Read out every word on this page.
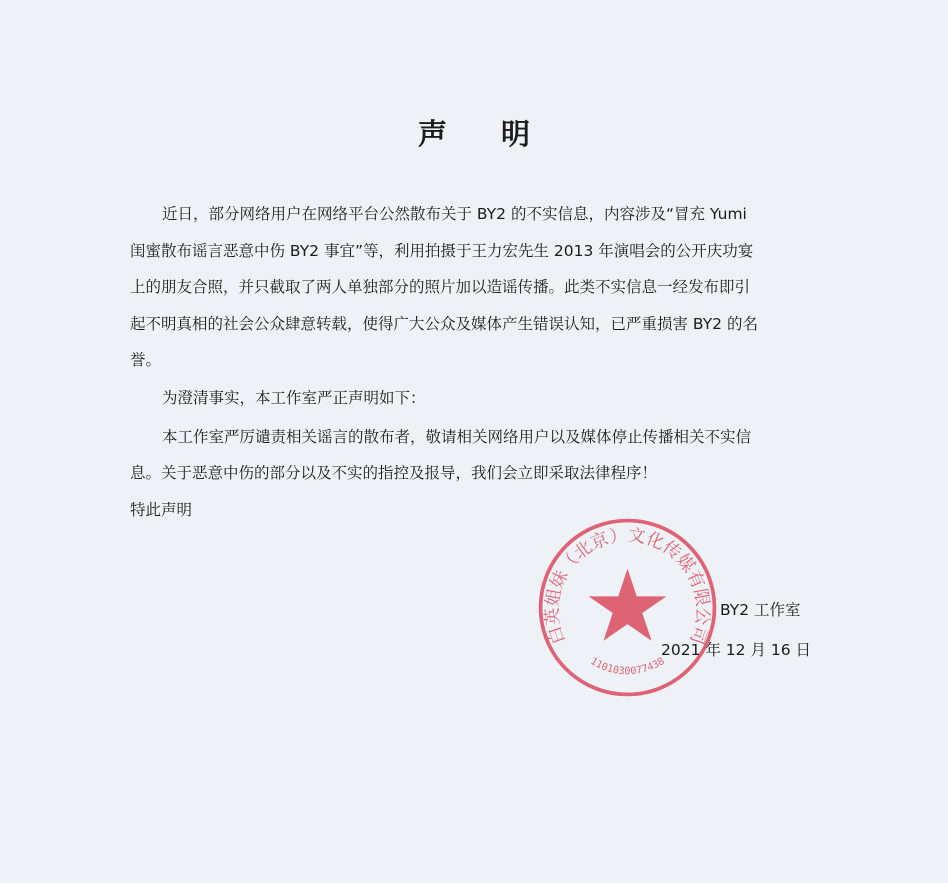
声 明
近日，部分网络用户在网络平台公然散布关于 BY2 的不实信息，内容涉及“冒充 Yumi
闺蜜散布谣言恶意中伤 BY2 事宜”等，利用拍摄于王力宏先生 2013 年演唱会的公开庆功宴
上的朋友合照，并只截取了两人单独部分的照片加以造谣传播。此类不实信息一经发布即引
起不明真相的社会公众肆意转载，使得广大公众及媒体产生错误认知，已严重损害 BY2 的名
誉。
为澄清事实，本工作室严正声明如下：
本工作室严厉谴责相关谣言的散布者，敬请相关网络用户以及媒体停止传播相关不实信
息。关于恶意中伤的部分以及不实的指控及报导，我们会立即采取法律程序！
特此声明
白英姐妹（北京）文化传媒有限公司
1101030077438
BY2 工作室
2021 年 12 月 16 日
